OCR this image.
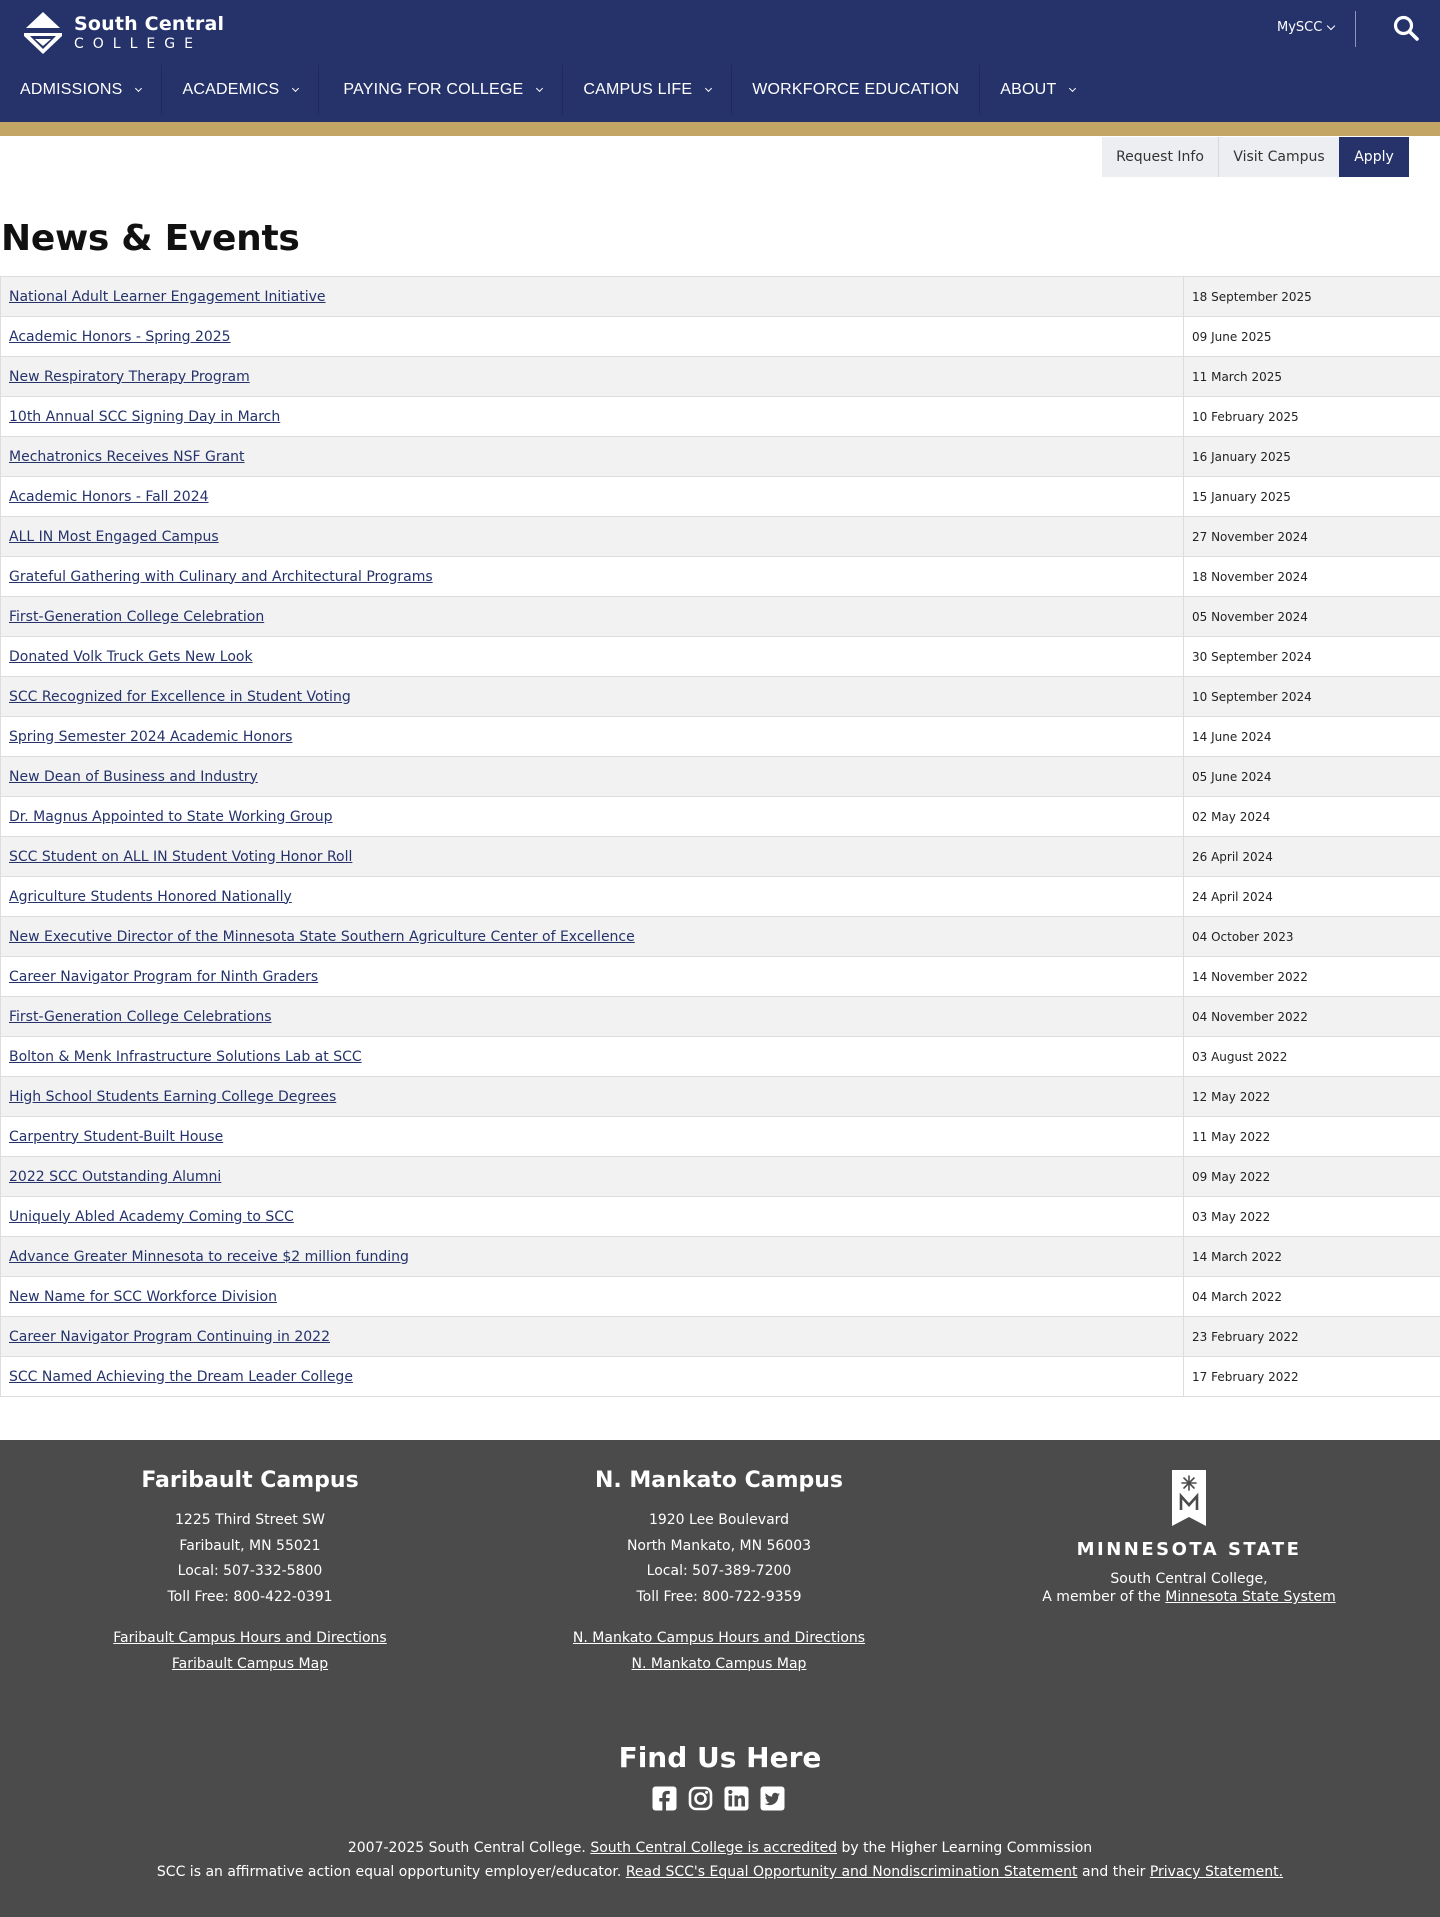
South Central
COLLEGE
MySCC
ADMISSIONS	ACADEMICS	PAYING FOR COLLEGE	CAMPUS LIFE	WORKFORCE EDUCATION	ABOUT
Request Info	Visit Campus	Apply
News & Events
National Adult Learner Engagement Initiative	18 September 2025
Academic Honors - Spring 2025	09 June 2025
New Respiratory Therapy Program	11 March 2025
10th Annual SCC Signing Day in March	10 February 2025
Mechatronics Receives NSF Grant	16 January 2025
Academic Honors - Fall 2024	15 January 2025
ALL IN Most Engaged Campus	27 November 2024
Grateful Gathering with Culinary and Architectural Programs	18 November 2024
First-Generation College Celebration	05 November 2024
Donated Volk Truck Gets New Look	30 September 2024
SCC Recognized for Excellence in Student Voting	10 September 2024
Spring Semester 2024 Academic Honors	14 June 2024
New Dean of Business and Industry	05 June 2024
Dr. Magnus Appointed to State Working Group	02 May 2024
SCC Student on ALL IN Student Voting Honor Roll	26 April 2024
Agriculture Students Honored Nationally	24 April 2024
New Executive Director of the Minnesota State Southern Agriculture Center of Excellence	04 October 2023
Career Navigator Program for Ninth Graders	14 November 2022
First-Generation College Celebrations	04 November 2022
Bolton & Menk Infrastructure Solutions Lab at SCC	03 August 2022
High School Students Earning College Degrees	12 May 2022
Carpentry Student-Built House	11 May 2022
2022 SCC Outstanding Alumni	09 May 2022
Uniquely Abled Academy Coming to SCC	03 May 2022
Advance Greater Minnesota to receive $2 million funding	14 March 2022
New Name for SCC Workforce Division	04 March 2022
Career Navigator Program Continuing in 2022	23 February 2022
SCC Named Achieving the Dream Leader College	17 February 2022
Faribault Campus
1225 Third Street SW
Faribault, MN 55021
Local: 507-332-5800
Toll Free: 800-422-0391
Faribault Campus Hours and Directions
Faribault Campus Map
N. Mankato Campus
1920 Lee Boulevard
North Mankato, MN 56003
Local: 507-389-7200
Toll Free: 800-722-9359
N. Mankato Campus Hours and Directions
N. Mankato Campus Map
MINNESOTA STATE
South Central College,
A member of the Minnesota State System
Find Us Here
2007-2025 South Central College. South Central College is accredited by the Higher Learning Commission
SCC is an affirmative action equal opportunity employer/educator. Read SCC's Equal Opportunity and Nondiscrimination Statement and their Privacy Statement.
